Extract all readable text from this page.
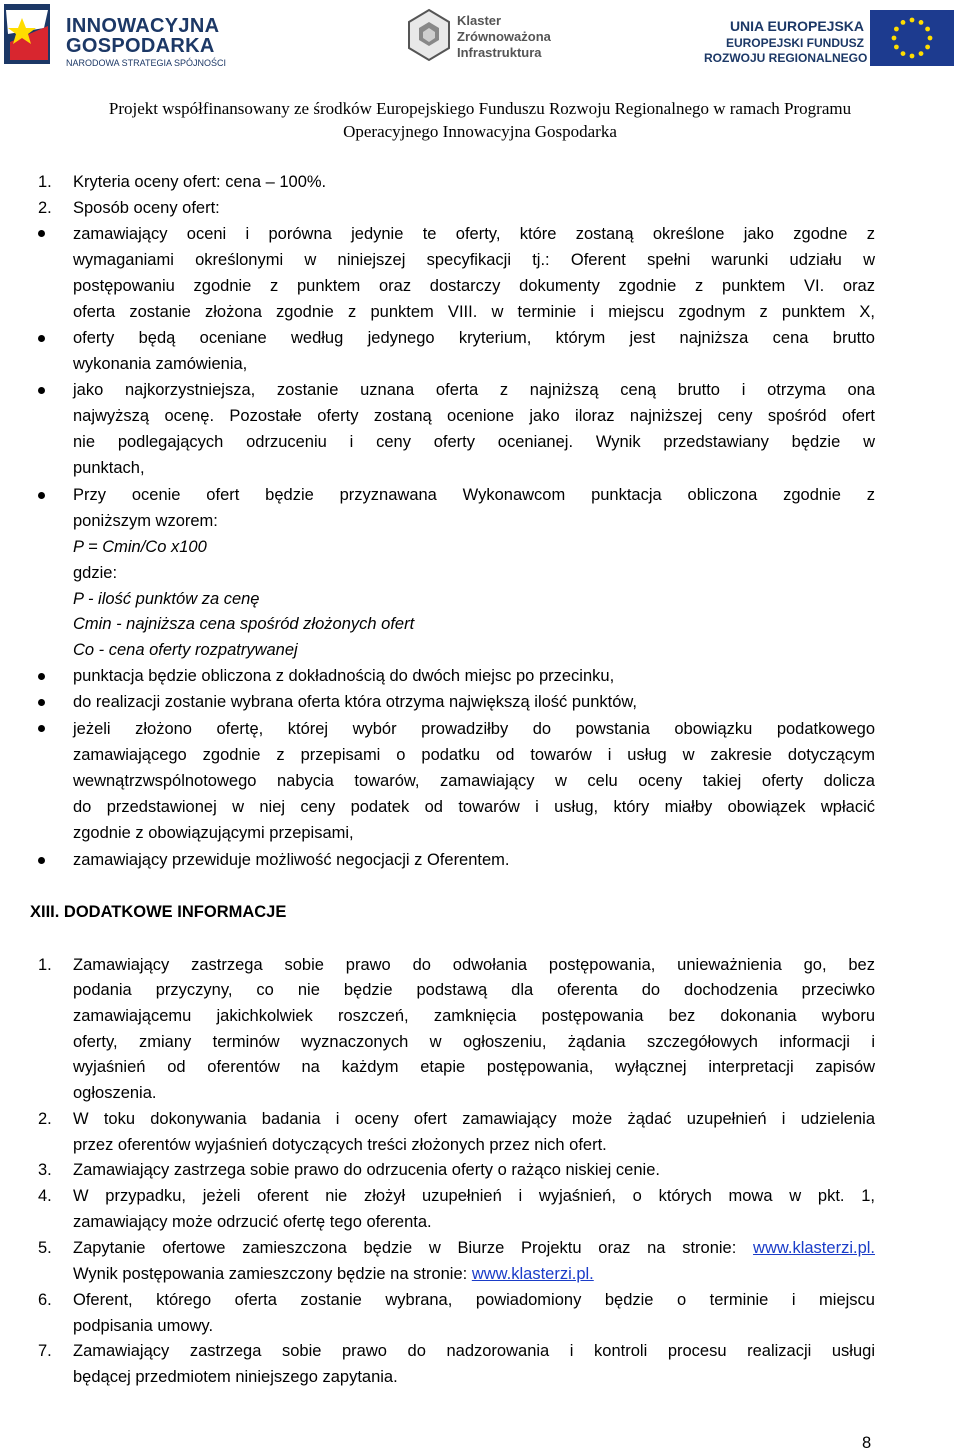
INNOWACYJNA
GOSPODARKA
NARODOWA STRATEGIA SPÓJNOŚCI
Klaster
Zrównoważona
Infrastruktura
UNIA EUROPEJSKA
EUROPEJSKI FUNDUSZ
ROZWOJU REGIONALNEGO
Projekt współfinansowany ze środków Europejskiego Funduszu Rozwoju Regionalnego w ramach Programu
Operacyjnego Innowacyjna Gospodarka
1. Kryteria oceny ofert: cena – 100%.
2. Sposób oceny ofert:
zamawiający oceni i porówna jedynie te oferty, które zostaną określone jako zgodne z
wymaganiami określonymi w niniejszej specyfikacji tj.: Oferent spełni warunki udziału w
postępowaniu zgodnie z punktem oraz dostarczy dokumenty zgodnie z punktem VI. oraz
oferta zostanie złożona zgodnie z punktem VIII. w terminie i miejscu zgodnym z punktem X,
oferty będą oceniane według jedynego kryterium, którym jest najniższa cena brutto
wykonania zamówienia,
jako najkorzystniejsza, zostanie uznana oferta z najniższą ceną brutto i otrzyma ona
najwyższą ocenę. Pozostałe oferty zostaną ocenione jako iloraz najniższej ceny spośród ofert
nie podlegających odrzuceniu i ceny oferty ocenianej. Wynik przedstawiany będzie w
punktach,
Przy ocenie ofert będzie przyznawana Wykonawcom punktacja obliczona zgodnie z
poniższym wzorem:
P = Cmin/Co x100
gdzie:
P - ilość punktów za cenę
Cmin - najniższa cena spośród złożonych ofert
Co - cena oferty rozpatrywanej
punktacja będzie obliczona z dokładnością do dwóch miejsc po przecinku,
do realizacji zostanie wybrana oferta która otrzyma największą ilość punktów,
jeżeli złożono ofertę, której wybór prowadziłby do powstania obowiązku podatkowego
zamawiającego zgodnie z przepisami o podatku od towarów i usług w zakresie dotyczącym
wewnątrzwspólnotowego nabycia towarów, zamawiający w celu oceny takiej oferty dolicza
do przedstawionej w niej ceny podatek od towarów i usług, który miałby obowiązek wpłacić
zgodnie z obowiązującymi przepisami,
zamawiający przewiduje możliwość negocjacji z Oferentem.
XIII. DODATKOWE INFORMACJE
1. Zamawiający zastrzega sobie prawo do odwołania postępowania, unieważnienia go, bez
podania przyczyny, co nie będzie podstawą dla oferenta do dochodzenia przeciwko
zamawiającemu jakichkolwiek roszczeń, zamknięcia postępowania bez dokonania wyboru
oferty, zmiany terminów wyznaczonych w ogłoszeniu, żądania szczegółowych informacji i
wyjaśnień od oferentów na każdym etapie postępowania, wyłącznej interpretacji zapisów
ogłoszenia.
2. W toku dokonywania badania i oceny ofert zamawiający może żądać uzupełnień i udzielenia
przez oferentów wyjaśnień dotyczących treści złożonych przez nich ofert.
3. Zamawiający zastrzega sobie prawo do odrzucenia oferty o rażąco niskiej cenie.
4. W przypadku, jeżeli oferent nie złożył uzupełnień i wyjaśnień, o których mowa w pkt. 1,
zamawiający może odrzucić ofertę tego oferenta.
5. Zapytanie ofertowe zamieszczona będzie w Biurze Projektu oraz na stronie: www.klasterzi.pl.
Wynik postępowania zamieszczony będzie na stronie: www.klasterzi.pl.
6. Oferent, którego oferta zostanie wybrana, powiadomiony będzie o terminie i miejscu
podpisania umowy.
7. Zamawiający zastrzega sobie prawo do nadzorowania i kontroli procesu realizacji usługi
będącej przedmiotem niniejszego zapytania.
8
